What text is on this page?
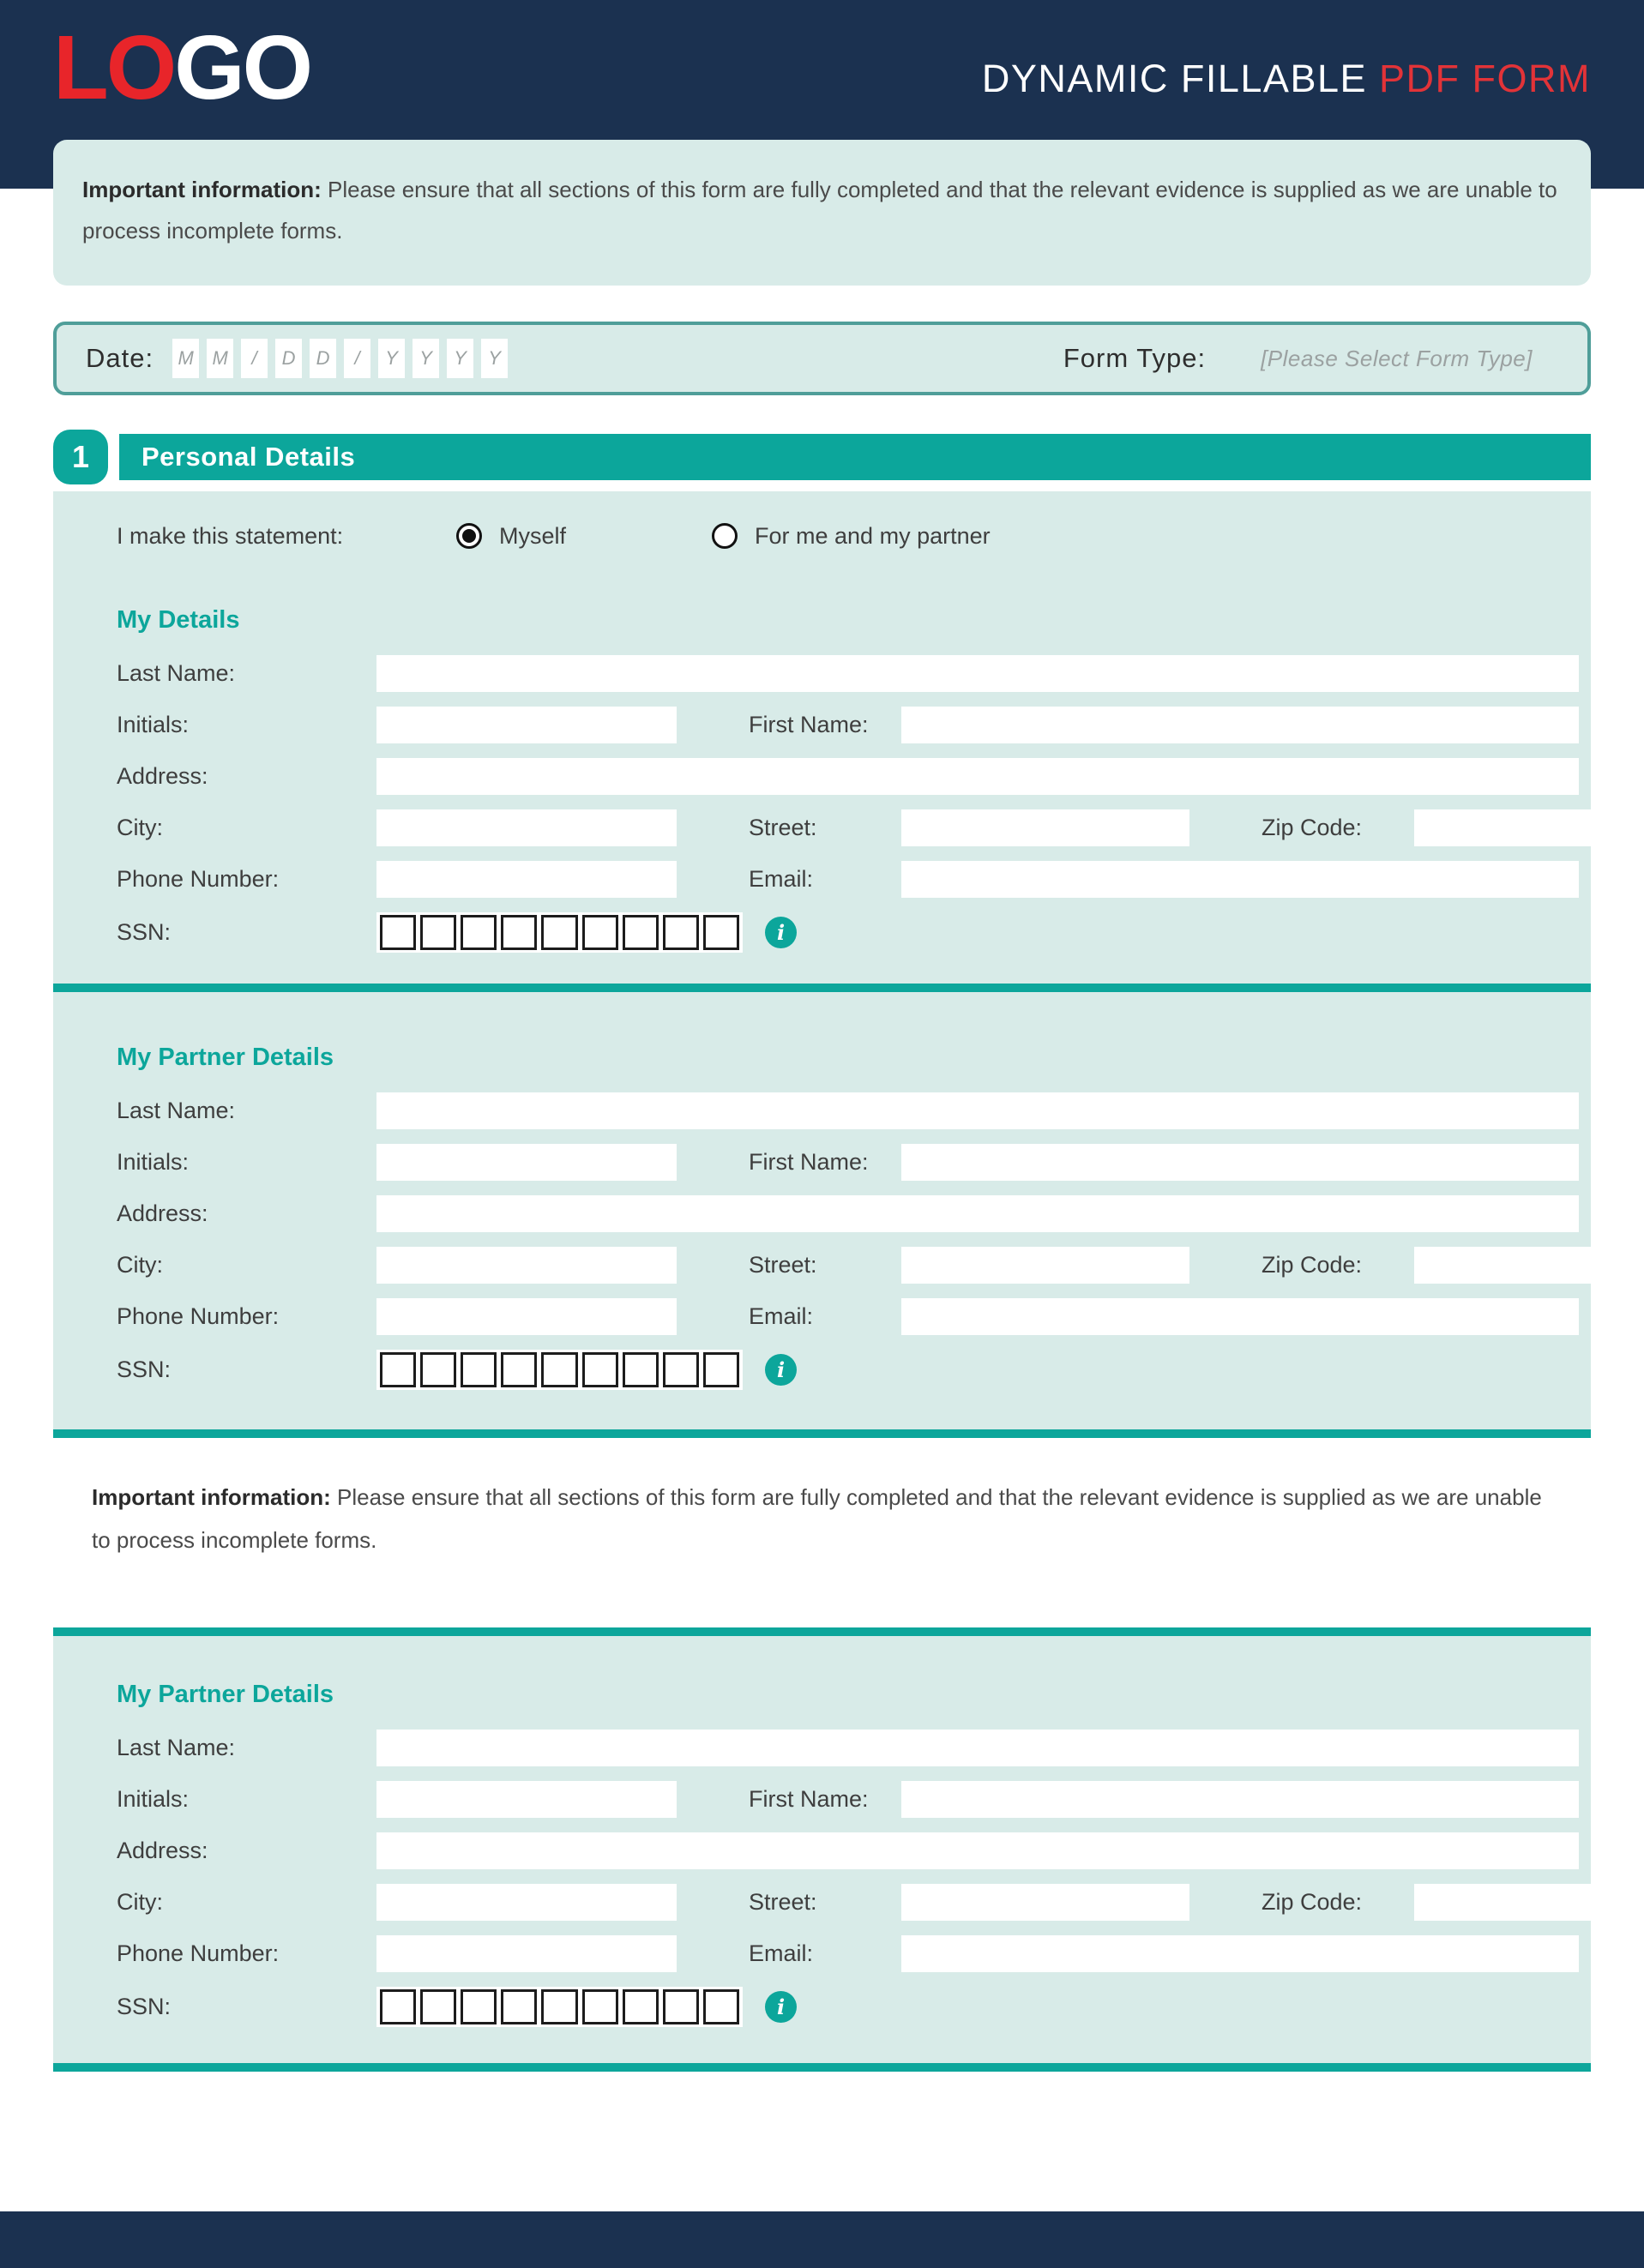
LOGO	DYNAMIC FILLABLE PDF FORM
Important information: Please ensure that all sections of this form are fully completed and that the relevant evidence is supplied as we are unable to process incomplete forms.
Date:
M
M
/
D
D
/
Y
Y
Y
Y	Form Type: [Please Select Form Type]
1	Personal Details
I make this statement:	Myself	For me and my partner
My Details
Last Name:
Initials:	First Name:
Address:
City:	Street:	Zip Code:
Phone Number:	Email:
SSN:	i
My Partner Details
Last Name:
Initials:	First Name:
Address:
City:	Street:	Zip Code:
Phone Number:	Email:
SSN:	i
Important information: Please ensure that all sections of this form are fully completed and that the relevant evidence is supplied as we are unable to process incomplete forms.
My Partner Details
Last Name:
Initials:	First Name:
Address:
City:	Street:	Zip Code:
Phone Number:	Email:
SSN:	i
